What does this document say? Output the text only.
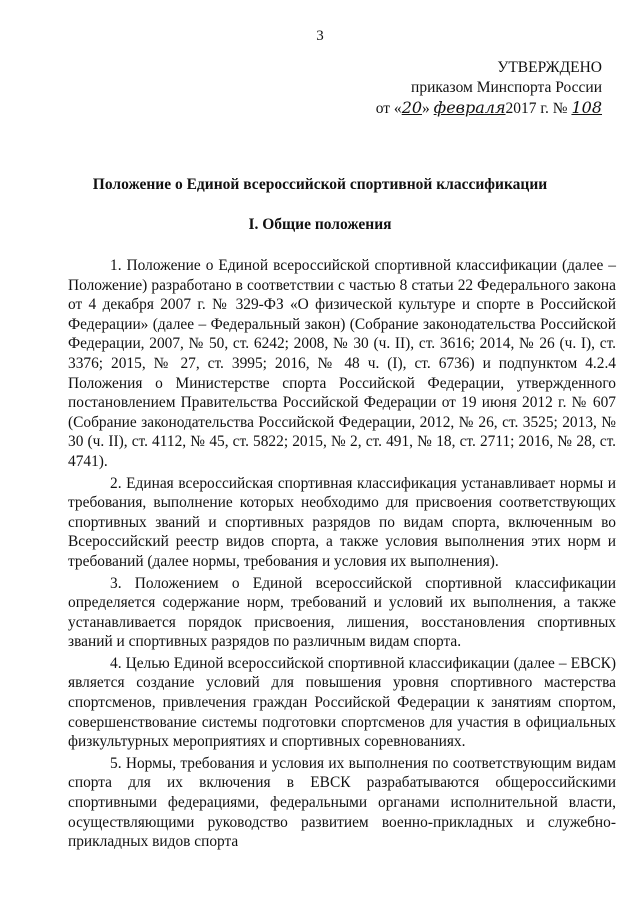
3
УТВЕРЖДЕНО
приказом Минспорта России
от «20» февраля2017 г. № 108
Положение о Единой всероссийской спортивной классификации
I. Общие положения

1. Положение о Единой всероссийской спортивной классификации (далее – Положение) разработано в соответствии с частью 8 статьи 22 Федерального закона от 4 декабря 2007 г. № 329-ФЗ «О физической культуре и спорте в Российской Федерации» (далее – Федеральный закон) (Собрание законодательства Российской Федерации, 2007, № 50, ст. 6242; 2008, № 30 (ч. II), ст. 3616; 2014, № 26 (ч. I), ст. 3376; 2015, № 27, ст. 3995; 2016, № 48 ч. (I), ст. 6736) и подпунктом 4.2.4 Положения о Министерстве спорта Российской Федерации, утвержденного постановлением Правительства Российской Федерации от 19 июня 2012 г. № 607 (Собрание законодательства Российской Федерации, 2012, № 26, ст. 3525; 2013, № 30 (ч. II), ст. 4112, № 45, ст. 5822; 2015, № 2, ст. 491, № 18, ст. 2711; 2016, № 28, ст. 4741).

2. Единая всероссийская спортивная классификация устанавливает нормы и требования, выполнение которых необходимо для присвоения соответствующих спортивных званий и спортивных разрядов по видам спорта, включенным во Всероссийский реестр видов спорта, а также условия выполнения этих норм и требований (далее нормы, требования и условия их выполнения).

3. Положением о Единой всероссийской спортивной классификации определяется содержание норм, требований и условий их выполнения, а также устанавливается порядок присвоения, лишения, восстановления спортивных званий и спортивных разрядов по различным видам спорта.

4. Целью Единой всероссийской спортивной классификации (далее – ЕВСК) является создание условий для повышения уровня спортивного мастерства спортсменов, привлечения граждан Российской Федерации к занятиям спортом, совершенствование системы подготовки спортсменов для участия в официальных физкультурных мероприятиях и спортивных соревнованиях.

5. Нормы, требования и условия их выполнения по соответствующим видам спорта для их включения в ЕВСК разрабатываются общероссийскими спортивными федерациями, федеральными органами исполнительной власти, осуществляющими руководство развитием военно-прикладных и служебно-прикладных видов спорта
